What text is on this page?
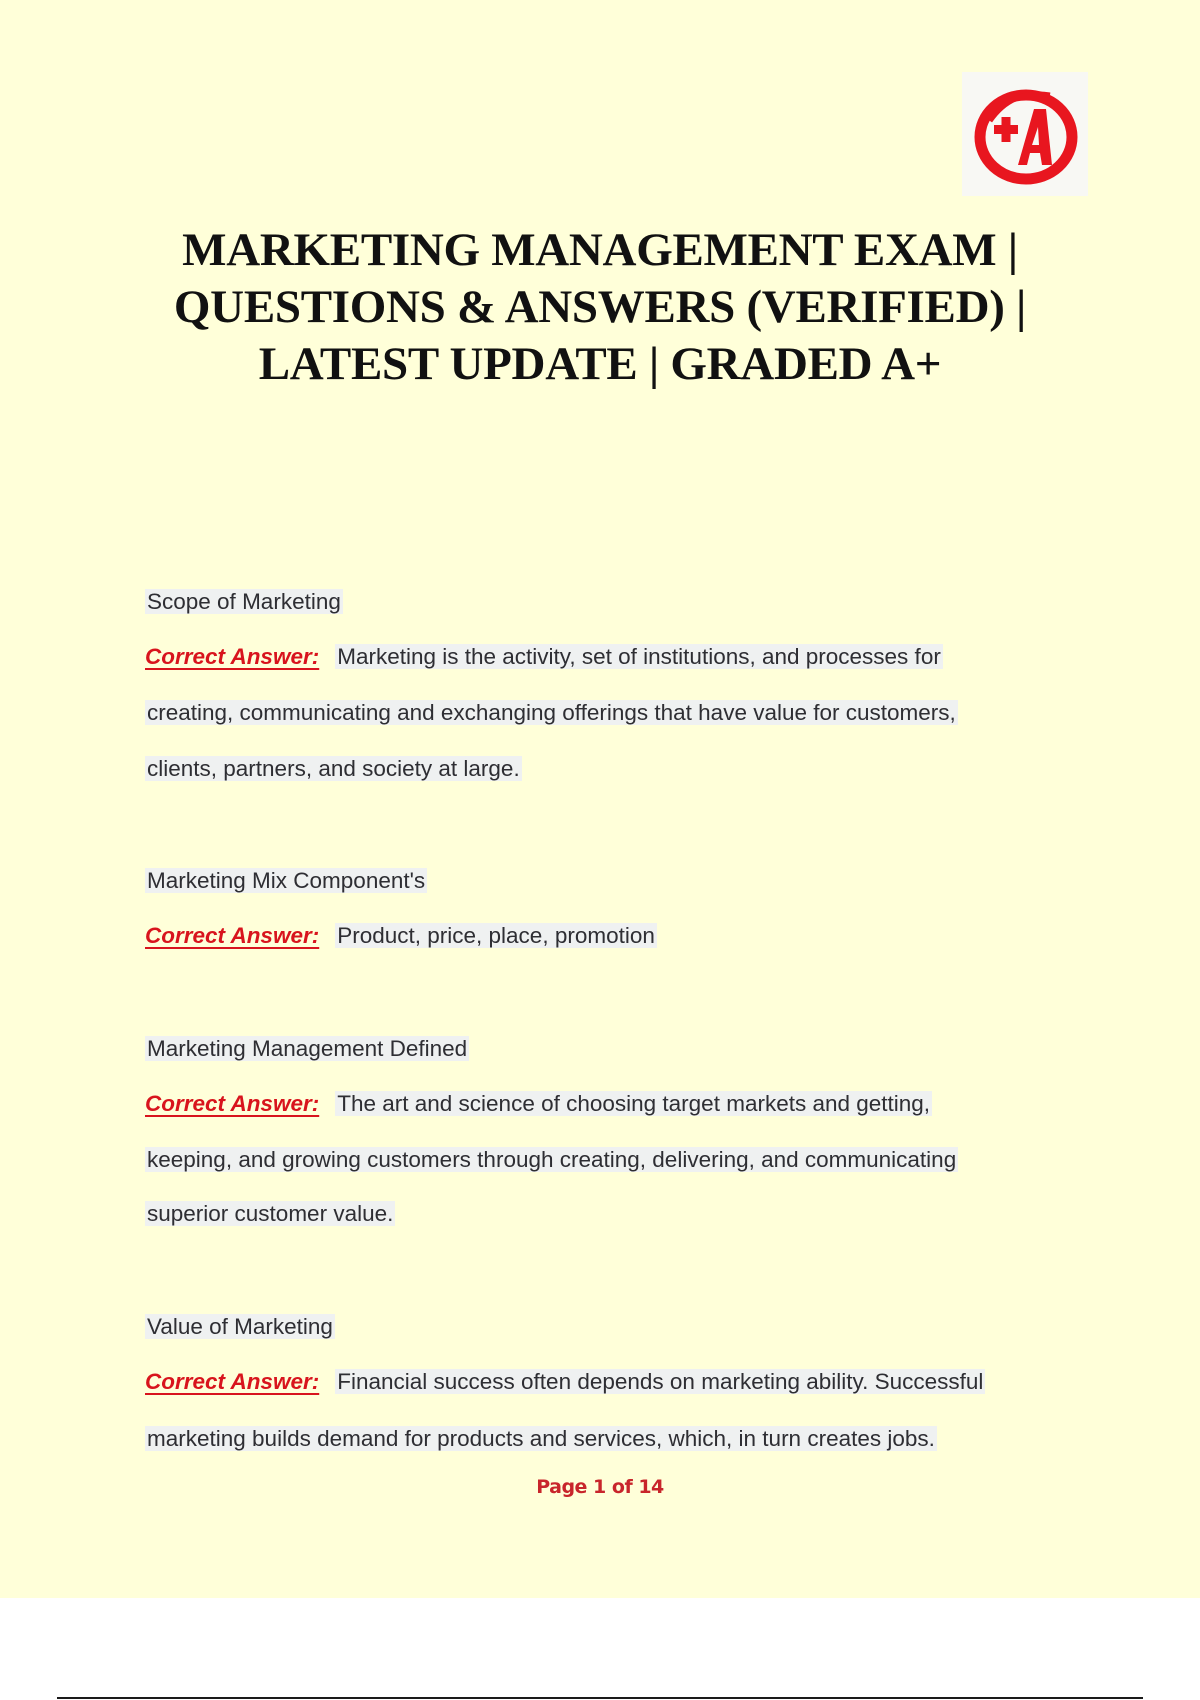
MARKETING MANAGEMENT EXAM |
QUESTIONS & ANSWERS (VERIFIED) |
LATEST UPDATE | GRADED A+
Scope of Marketing
Correct Answer: Marketing is the activity, set of institutions, and processes for
creating, communicating and exchanging offerings that have value for customers,
clients, partners, and society at large.
Marketing Mix Component's
Correct Answer: Product, price, place, promotion
Marketing Management Defined
Correct Answer: The art and science of choosing target markets and getting,
keeping, and growing customers through creating, delivering, and communicating
superior customer value.
Value of Marketing
Correct Answer: Financial success often depends on marketing ability. Successful
marketing builds demand for products and services, which, in turn creates jobs.
Page 1 of 14
